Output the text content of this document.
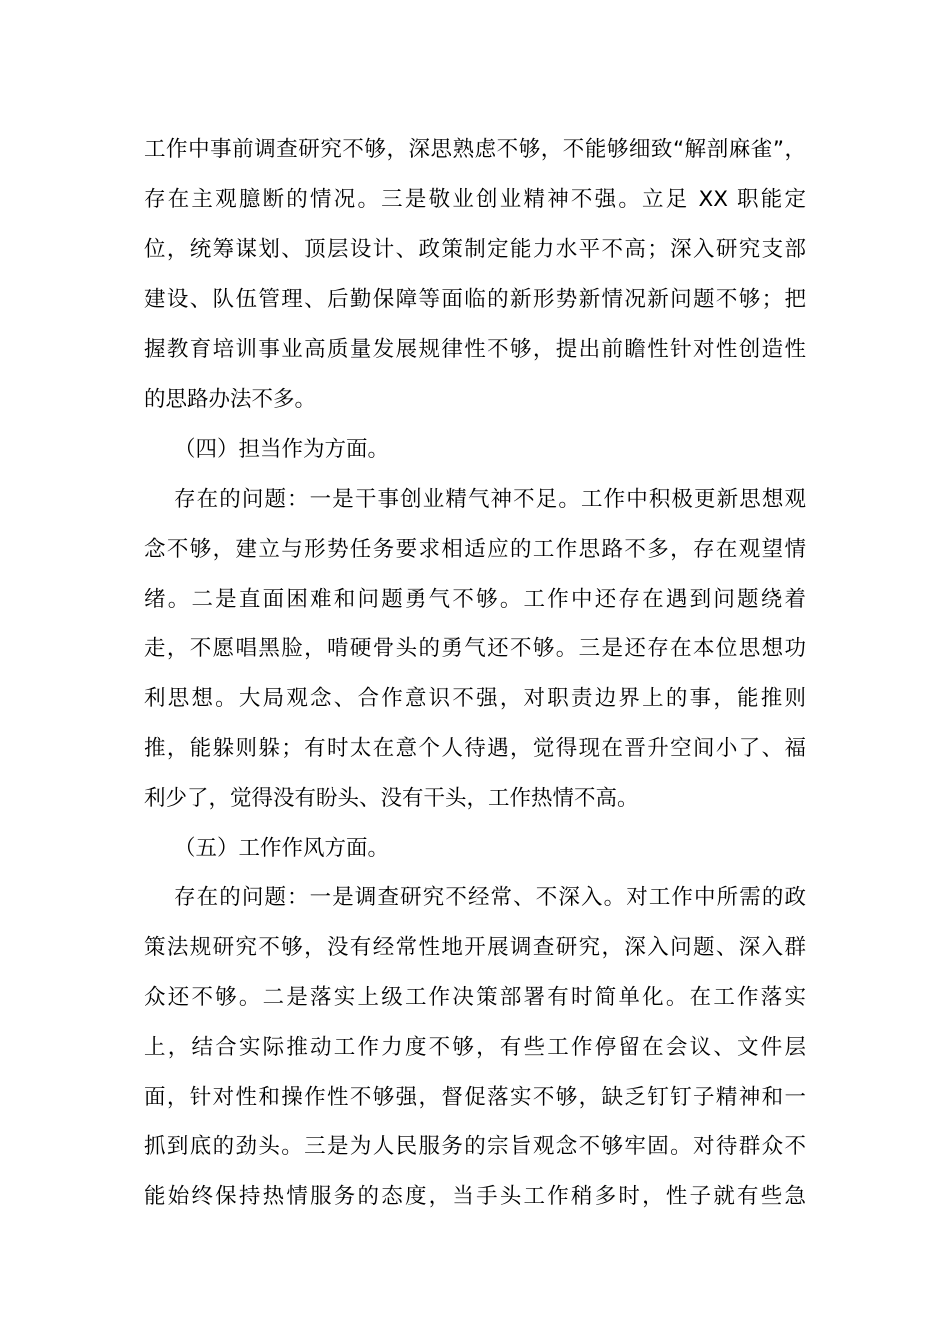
工作中事前调查研究不够，深思熟虑不够，不能够细致“解剖麻雀”，
存在主观臆断的情况。三是敬业创业精神不强。立足 XX 职能定
位，统筹谋划、顶层设计、政策制定能力水平不高；深入研究支部
建设、队伍管理、后勤保障等面临的新形势新情况新问题不够；把
握教育培训事业高质量发展规律性不够，提出前瞻性针对性创造性
的思路办法不多。
（四）担当作为方面。
存在的问题：一是干事创业精气神不足。工作中积极更新思想观
念不够，建立与形势任务要求相适应的工作思路不多，存在观望情
绪。二是直面困难和问题勇气不够。工作中还存在遇到问题绕着
走，不愿唱黑脸，啃硬骨头的勇气还不够。三是还存在本位思想功
利思想。大局观念、合作意识不强，对职责边界上的事，能推则
推，能躲则躲；有时太在意个人待遇，觉得现在晋升空间小了、福
利少了，觉得没有盼头、没有干头，工作热情不高。
（五）工作作风方面。
存在的问题：一是调查研究不经常、不深入。对工作中所需的政
策法规研究不够，没有经常性地开展调查研究，深入问题、深入群
众还不够。二是落实上级工作决策部署有时简单化。在工作落实
上，结合实际推动工作力度不够，有些工作停留在会议、文件层
面，针对性和操作性不够强，督促落实不够，缺乏钉钉子精神和一
抓到底的劲头。三是为人民服务的宗旨观念不够牢固。对待群众不
能始终保持热情服务的态度，当手头工作稍多时，性子就有些急
